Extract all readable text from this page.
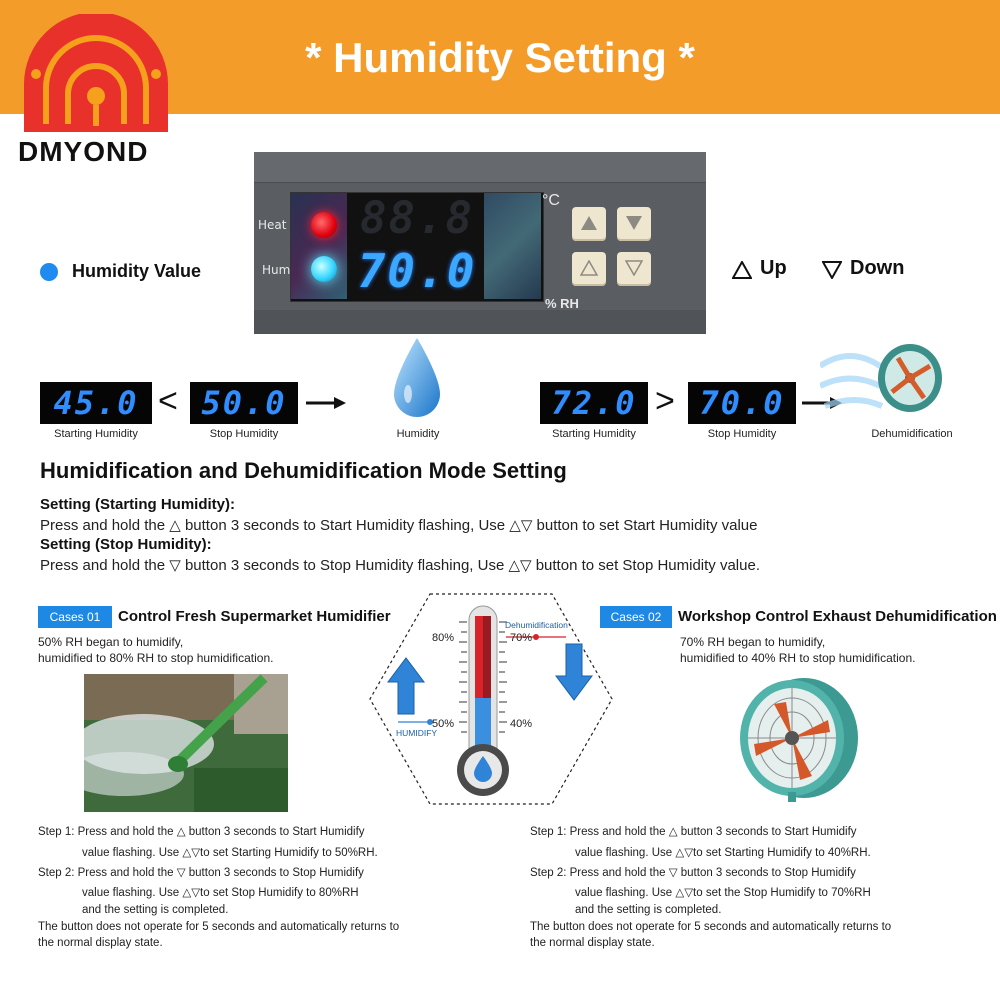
* Humidity Setting *
DMYOND
Heat
Hum
88.8
70.0
°C
% RH
Humidity Value	Up	Down
45.0
Starting Humidity
< 50.0
Stop Humidity	Humidity
72.0
Starting Humidity
> 70.0
Stop Humidity	Dehumidification
Humidification and Dehumidification Mode Setting
Setting (Starting Humidity):
Press and hold the △ button 3 seconds to Start Humidity flashing, Use △▽ button to set Start Humidity value
Setting (Stop Humidity):
Press and hold the ▽ button 3 seconds to Stop Humidity flashing, Use △▽ button to set Stop Humidity value.
Cases 01	Control Fresh Supermarket Humidifier
50% RH began to humidify,
humidified to 80% RH to stop humidification.
Step 1: Press and hold the △ button 3 seconds to Start Humidify
value flashing. Use △▽to set Starting Humidify to 50%RH.
Step 2: Press and hold the ▽ button 3 seconds to Stop Humidify
value flashing. Use △▽to set Stop Humidify to 80%RH
and the setting is completed.
The button does not operate for 5 seconds and automatically returns to
the normal display state.
80%
50%
70%
40%
Dehumidification
HUMIDIFY
Cases 02	Workshop Control Exhaust Dehumidification
70% RH began to humidify,
humidified to 40% RH to stop humidification.
Step 1: Press and hold the △ button 3 seconds to Start Humidify
value flashing. Use △▽to set Starting Humidify to 40%RH.
Step 2: Press and hold the ▽ button 3 seconds to Stop Humidify
value flashing. Use △▽to set the Stop Humidify to 70%RH
and the setting is completed.
The button does not operate for 5 seconds and automatically returns to
the normal display state.
